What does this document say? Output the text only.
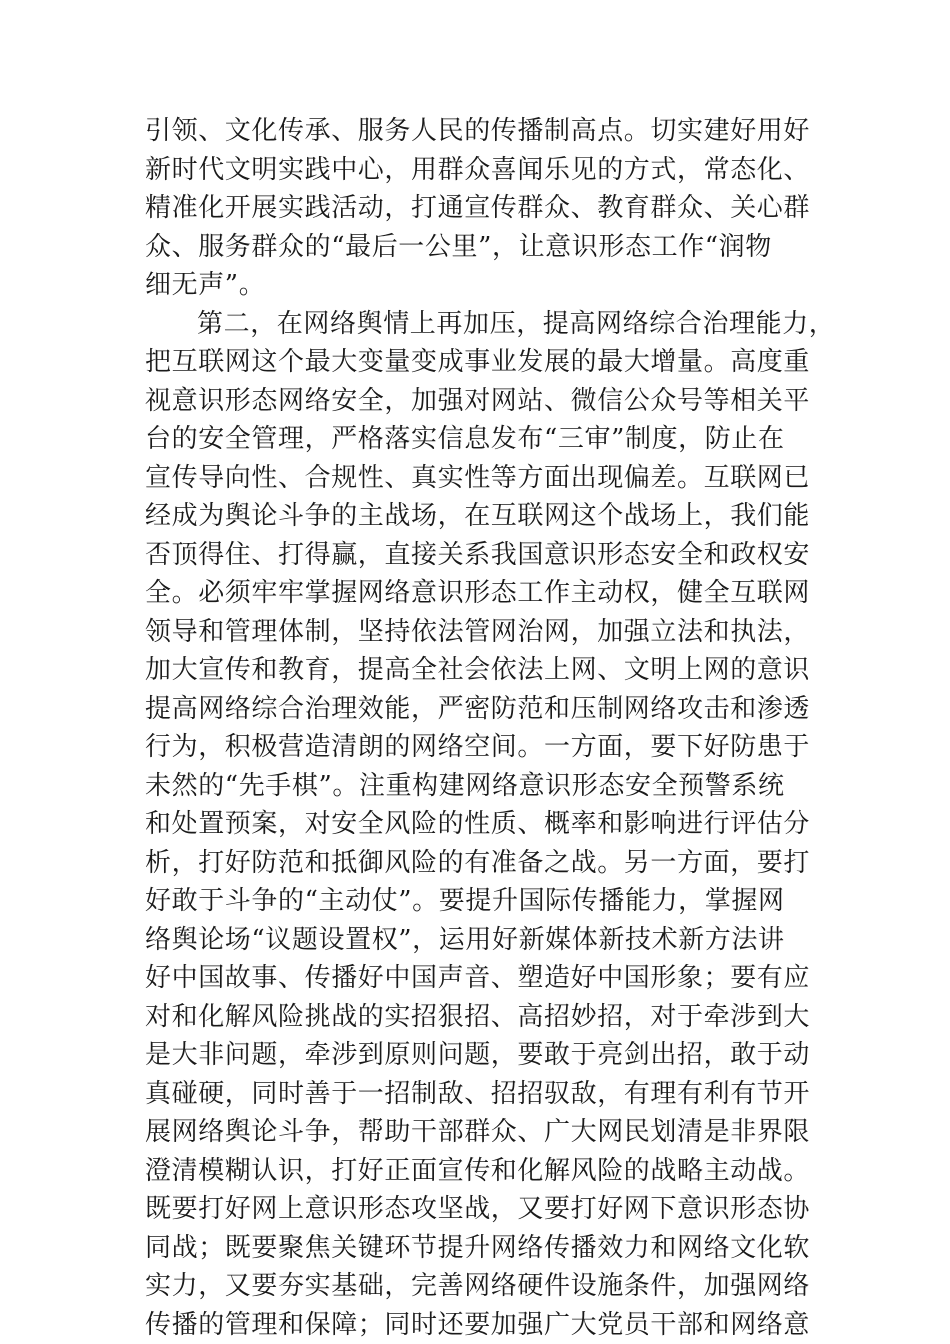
引领、文化传承、服务人民的传播制高点。切实建好用好
新时代文明实践中心，用群众喜闻乐见的方式，常态化、
精准化开展实践活动，打通宣传群众、教育群众、关心群
众、服务群众的“最后一公里”，让意识形态工作“润物
细无声”。
第二，在网络舆情上再加压，提高网络综合治理能力，
把互联网这个最大变量变成事业发展的最大增量。高度重
视意识形态网络安全，加强对网站、微信公众号等相关平
台的安全管理，严格落实信息发布“三审”制度，防止在
宣传导向性、合规性、真实性等方面出现偏差。互联网已
经成为舆论斗争的主战场，在互联网这个战场上，我们能
否顶得住、打得赢，直接关系我国意识形态安全和政权安
全。必须牢牢掌握网络意识形态工作主动权，健全互联网
领导和管理体制，坚持依法管网治网，加强立法和执法，
加大宣传和教育，提高全社会依法上网、文明上网的意识
提高网络综合治理效能，严密防范和压制网络攻击和渗透
行为，积极营造清朗的网络空间。一方面，要下好防患于
未然的“先手棋”。注重构建网络意识形态安全预警系统
和处置预案，对安全风险的性质、概率和影响进行评估分
析，打好防范和抵御风险的有准备之战。另一方面，要打
好敢于斗争的“主动仗”。要提升国际传播能力，掌握网
络舆论场“议题设置权”，运用好新媒体新技术新方法讲
好中国故事、传播好中国声音、塑造好中国形象；要有应
对和化解风险挑战的实招狠招、高招妙招，对于牵涉到大
是大非问题，牵涉到原则问题，要敢于亮剑出招，敢于动
真碰硬，同时善于一招制敌、招招驭敌，有理有利有节开
展网络舆论斗争，帮助干部群众、广大网民划清是非界限
澄清模糊认识，打好正面宣传和化解风险的战略主动战。
既要打好网上意识形态攻坚战，又要打好网下意识形态协
同战；既要聚焦关键环节提升网络传播效力和网络文化软
实力，又要夯实基础，完善网络硬件设施条件，加强网络
传播的管理和保障；同时还要加强广大党员干部和网络意
